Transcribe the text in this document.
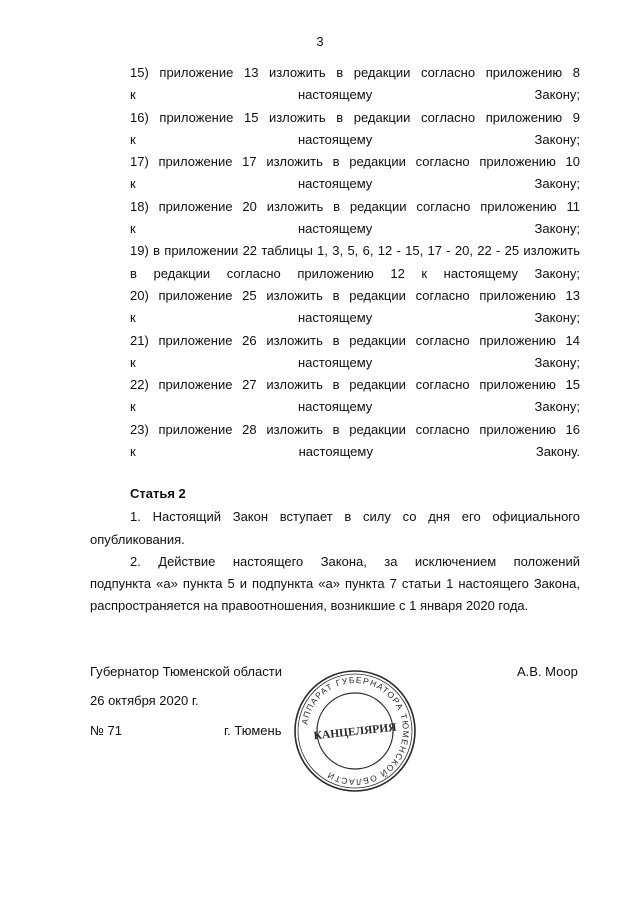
3

15) приложение 13 изложить в редакции согласно приложению 8

к настоящему Закону;

16) приложение 15 изложить в редакции согласно приложению 9

к настоящему Закону;

17) приложение 17 изложить в редакции согласно приложению 10

к настоящему Закону;

18) приложение 20 изложить в редакции согласно приложению 11

к настоящему Закону;

19) в приложении 22 таблицы 1, 3, 5, 6, 12 - 15, 17 - 20, 22 - 25 изложить

в редакции согласно приложению 12 к настоящему Закону;

20) приложение 25 изложить в редакции согласно приложению 13

к настоящему Закону;

21) приложение 26 изложить в редакции согласно приложению 14

к настоящему Закону;

22) приложение 27 изложить в редакции согласно приложению 15

к настоящему Закону;

23) приложение 28 изложить в редакции согласно приложению 16

к настоящему Закону.

Статья 2

1. Настоящий Закон вступает в силу со дня его официального

опубликования.

2. Действие настоящего Закона, за исключением положений

подпункта «а» пункта 5 и подпункта «а» пункта 7 статьи 1 настоящего Закона,

распространяется на правоотношения, возникшие с 1 января 2020 года.

Губернатор Тюменской области	А.В. Моор
26 октября 2020 г.
№ 71	г. Тюмень
АППАРАТ ГУБЕРНАТОРА ТЮМЕНСКОЙ ОБЛАСТИ
КАНЦЕЛЯРИЯ
